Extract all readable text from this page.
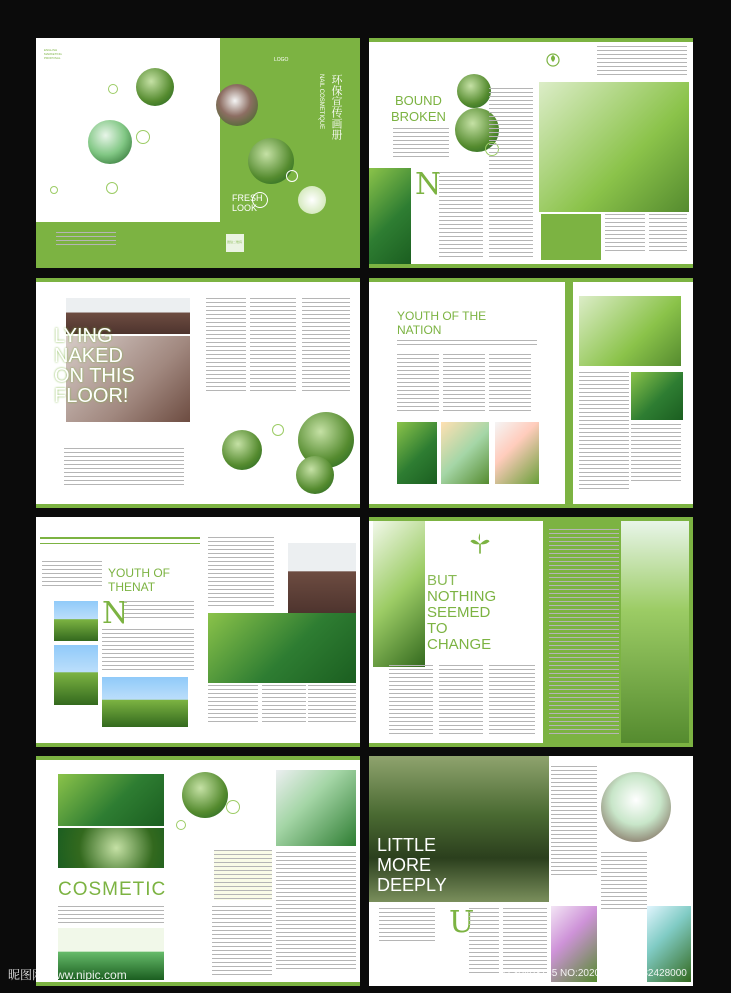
ENGLISH
MARKETING
PROPOSAL
FRESH
LOOK
LOGO
环保宣传画册
NAIL COSMETIQUE
微信二维码
BOUND
BROKEN
N
LYING
NAKED
ON THIS
FLOOR!
YOUTH OF THE
NATION
YOUTH OF
THENAT
N
BUT
NOTHING
SEEMED
TO
CHANGE
COSMETIC
LITTLE
MORE
DEEPLY
U
昵图网 www.nipic.com	ID:30403135 NO:20200611114432428000
